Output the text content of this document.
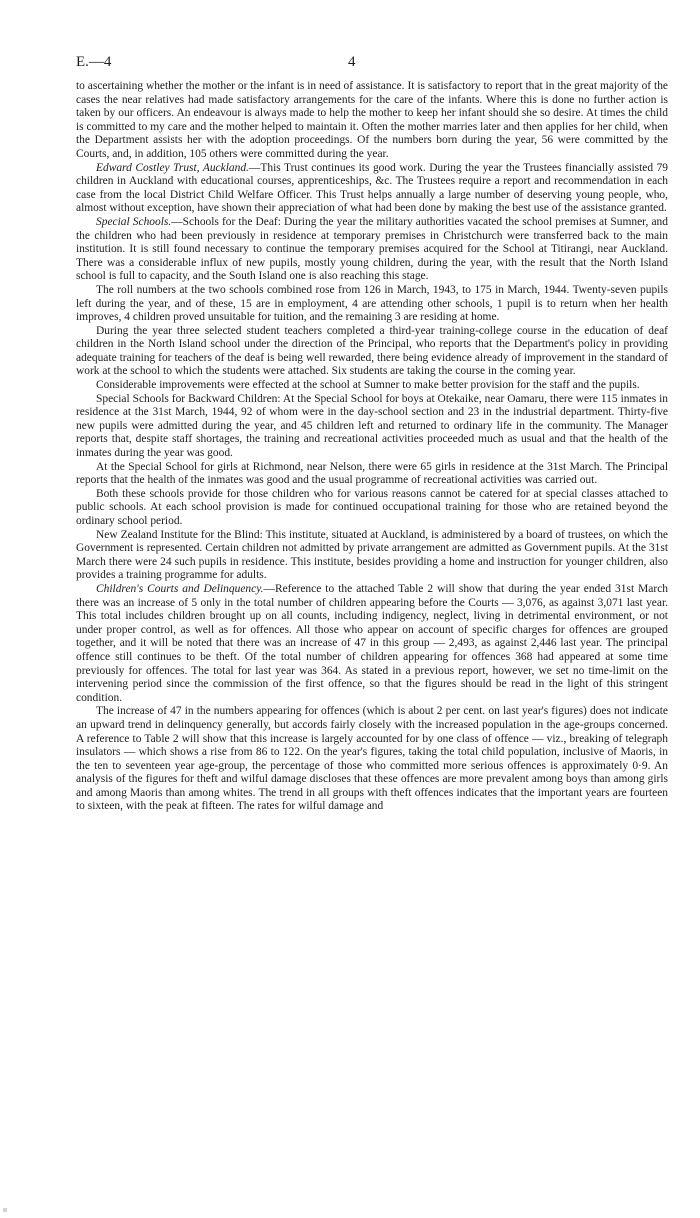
E.—4	4

to ascertaining whether the mother or the infant is in need of assistance. It is satisfactory to report that in the great majority of the cases the near relatives had made satisfactory arrangements for the care of the infants. Where this is done no further action is taken by our officers. An endeavour is always made to help the mother to keep her infant should she so desire. At times the child is committed to my care and the mother helped to maintain it. Often the mother marries later and then applies for her child, when the Department assists her with the adoption proceedings. Of the numbers born during the year, 56 were committed by the Courts, and, in addition, 105 others were committed during the year.

Edward Costley Trust, Auckland.—This Trust continues its good work. During the year the Trustees financially assisted 79 children in Auckland with educational courses, apprenticeships, &c. The Trustees require a report and recommendation in each case from the local District Child Welfare Officer. This Trust helps annually a large number of deserving young people, who, almost without exception, have shown their appreciation of what had been done by making the best use of the assistance granted.

Special Schools.—Schools for the Deaf: During the year the military authorities vacated the school premises at Sumner, and the children who had been previously in residence at temporary premises in Christchurch were transferred back to the main institution. It is still found necessary to continue the temporary premises acquired for the School at Titirangi, near Auckland. There was a considerable influx of new pupils, mostly young children, during the year, with the result that the North Island school is full to capacity, and the South Island one is also reaching this stage.

The roll numbers at the two schools combined rose from 126 in March, 1943, to 175 in March, 1944. Twenty-seven pupils left during the year, and of these, 15 are in employment, 4 are attending other schools, 1 pupil is to return when her health improves, 4 children proved unsuitable for tuition, and the remaining 3 are residing at home.

During the year three selected student teachers completed a third-year training-college course in the education of deaf children in the North Island school under the direction of the Principal, who reports that the Department's policy in providing adequate training for teachers of the deaf is being well rewarded, there being evidence already of improvement in the standard of work at the school to which the students were attached. Six students are taking the course in the coming year.

Considerable improvements were effected at the school at Sumner to make better provision for the staff and the pupils.

Special Schools for Backward Children: At the Special School for boys at Otekaike, near Oamaru, there were 115 inmates in residence at the 31st March, 1944, 92 of whom were in the day-school section and 23 in the industrial department. Thirty-five new pupils were admitted during the year, and 45 children left and returned to ordinary life in the community. The Manager reports that, despite staff shortages, the training and recreational activities proceeded much as usual and that the health of the inmates during the year was good.

At the Special School for girls at Richmond, near Nelson, there were 65 girls in residence at the 31st March. The Principal reports that the health of the inmates was good and the usual programme of recreational activities was carried out.

Both these schools provide for those children who for various reasons cannot be catered for at special classes attached to public schools. At each school provision is made for continued occupational training for those who are retained beyond the ordinary school period.

New Zealand Institute for the Blind: This institute, situated at Auckland, is administered by a board of trustees, on which the Government is represented. Certain children not admitted by private arrangement are admitted as Government pupils. At the 31st March there were 24 such pupils in residence. This institute, besides providing a home and instruction for younger children, also provides a training programme for adults.

Children's Courts and Delinquency.—Reference to the attached Table 2 will show that during the year ended 31st March there was an increase of 5 only in the total number of children appearing before the Courts — 3,076, as against 3,071 last year. This total includes children brought up on all counts, including indigency, neglect, living in detrimental environment, or not under proper control, as well as for offences. All those who appear on account of specific charges for offences are grouped together, and it will be noted that there was an increase of 47 in this group — 2,493, as against 2,446 last year. The principal offence still continues to be theft. Of the total number of children appearing for offences 368 had appeared at some time previously for offences. The total for last year was 364. As stated in a previous report, however, we set no time-limit on the intervening period since the commission of the first offence, so that the figures should be read in the light of this stringent condition.

The increase of 47 in the numbers appearing for offences (which is about 2 per cent. on last year's figures) does not indicate an upward trend in delinquency generally, but accords fairly closely with the increased population in the age-groups concerned. A reference to Table 2 will show that this increase is largely accounted for by one class of offence — viz., breaking of telegraph insulators — which shows a rise from 86 to 122. On the year's figures, taking the total child population, inclusive of Maoris, in the ten to seventeen year age-group, the percentage of those who committed more serious offences is approximately 0·9. An analysis of the figures for theft and wilful damage discloses that these offences are more prevalent among boys than among girls and among Maoris than among whites. The trend in all groups with theft offences indicates that the important years are fourteen to sixteen, with the peak at fifteen. The rates for wilful damage and
